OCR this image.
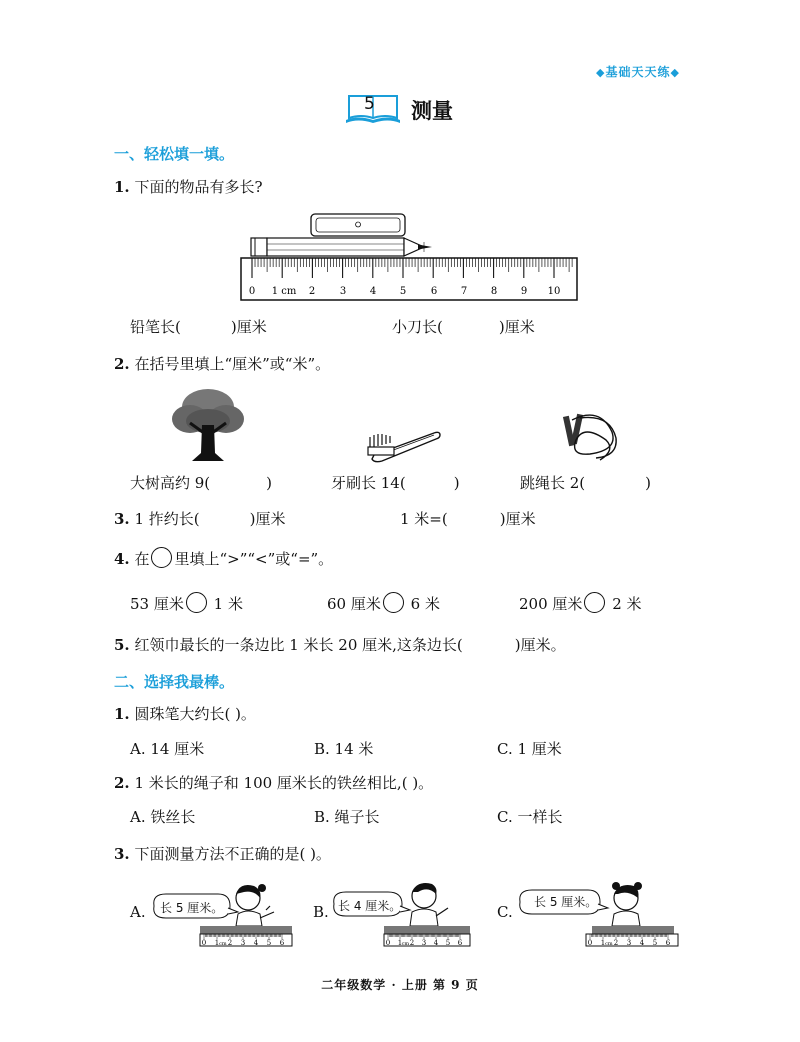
◆基础天天练◆
5 测量
一、轻松填一填。
1. 下面的物品有多长?
0 1 cm 2 3 4 5 6 7 8 9 10
铅笔长(	)厘米	小刀长(	)厘米
2. 在括号里填上“厘米”或“米”。
大树高约 9(	)	牙刷长 14(	)	跳绳长 2(	)
3. 1 拃约长(	)厘米	1 米=(	)厘米
4. 在 里填上“>”“<”或“=”。
53 厘米 1 米	60 厘米 6 米	200 厘米 2 米
5. 红领巾最长的一条边比 1 米长 20 厘米,这条边长(	)厘米。
二、选择我最棒。
1. 圆珠笔大约长( )。
A. 14 厘米	B. 14 米	C. 1 厘米
2. 1 米长的绳子和 100 厘米长的铁丝相比,( )。
A. 铁丝长	B. 绳子长	C. 一样长
3. 下面测量方法不正确的是( )。
A.
0 1 cm 2 3 4 5 6
长 5 厘米。	B.
0 1 cm 2 3 4 5 6
长 4 厘米。	C.
0 1 cm 2 3 4 5 6
长 5 厘米。
二年级数学 · 上册 第 9 页
